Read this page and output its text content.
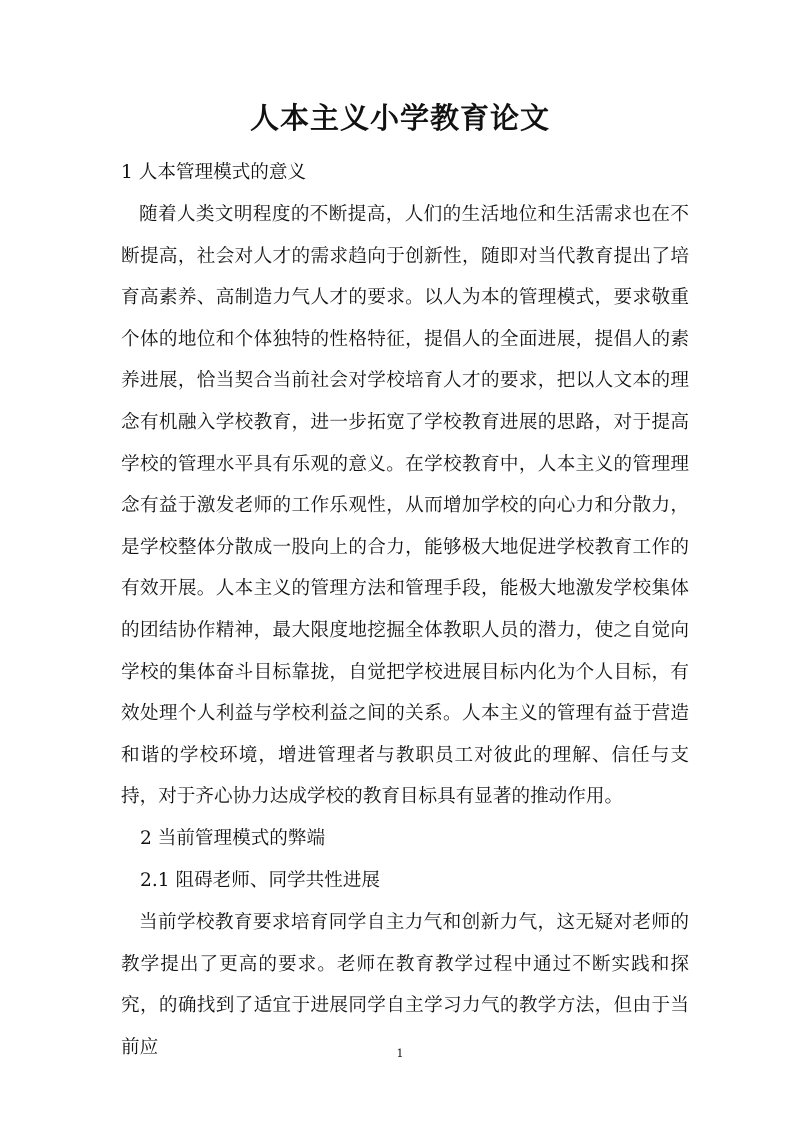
人本主义小学教育论文

1 人本管理模式的意义

随着人类文明程度的不断提高，人们的生活地位和生活需求也在不断提高，社会对人才的需求趋向于创新性，随即对当代教育提出了培育高素养、高制造力气人才的要求。以人为本的管理模式，要求敬重个体的地位和个体独特的性格特征，提倡人的全面进展，提倡人的素养进展，恰当契合当前社会对学校培育人才的要求，把以人文本的理念有机融入学校教育，进一步拓宽了学校教育进展的思路，对于提高学校的管理水平具有乐观的意义。在学校教育中，人本主义的管理理念有益于激发老师的工作乐观性，从而增加学校的向心力和分散力，是学校整体分散成一股向上的合力，能够极大地促进学校教育工作的有效开展。人本主义的管理方法和管理手段，能极大地激发学校集体的团结协作精神，最大限度地挖掘全体教职人员的潜力，使之自觉向学校的集体奋斗目标靠拢，自觉把学校进展目标内化为个人目标，有效处理个人利益与学校利益之间的关系。人本主义的管理有益于营造和谐的学校环境，增进管理者与教职员工对彼此的理解、信任与支持，对于齐心协力达成学校的教育目标具有显著的推动作用。

2 当前管理模式的弊端

2.1 阻碍老师、同学共性进展

当前学校教育要求培育同学自主力气和创新力气，这无疑对老师的教学提出了更高的要求。老师在教育教学过程中通过不断实践和探究，的确找到了适宜于进展同学自主学习力气的教学方法，但由于当前应	1
